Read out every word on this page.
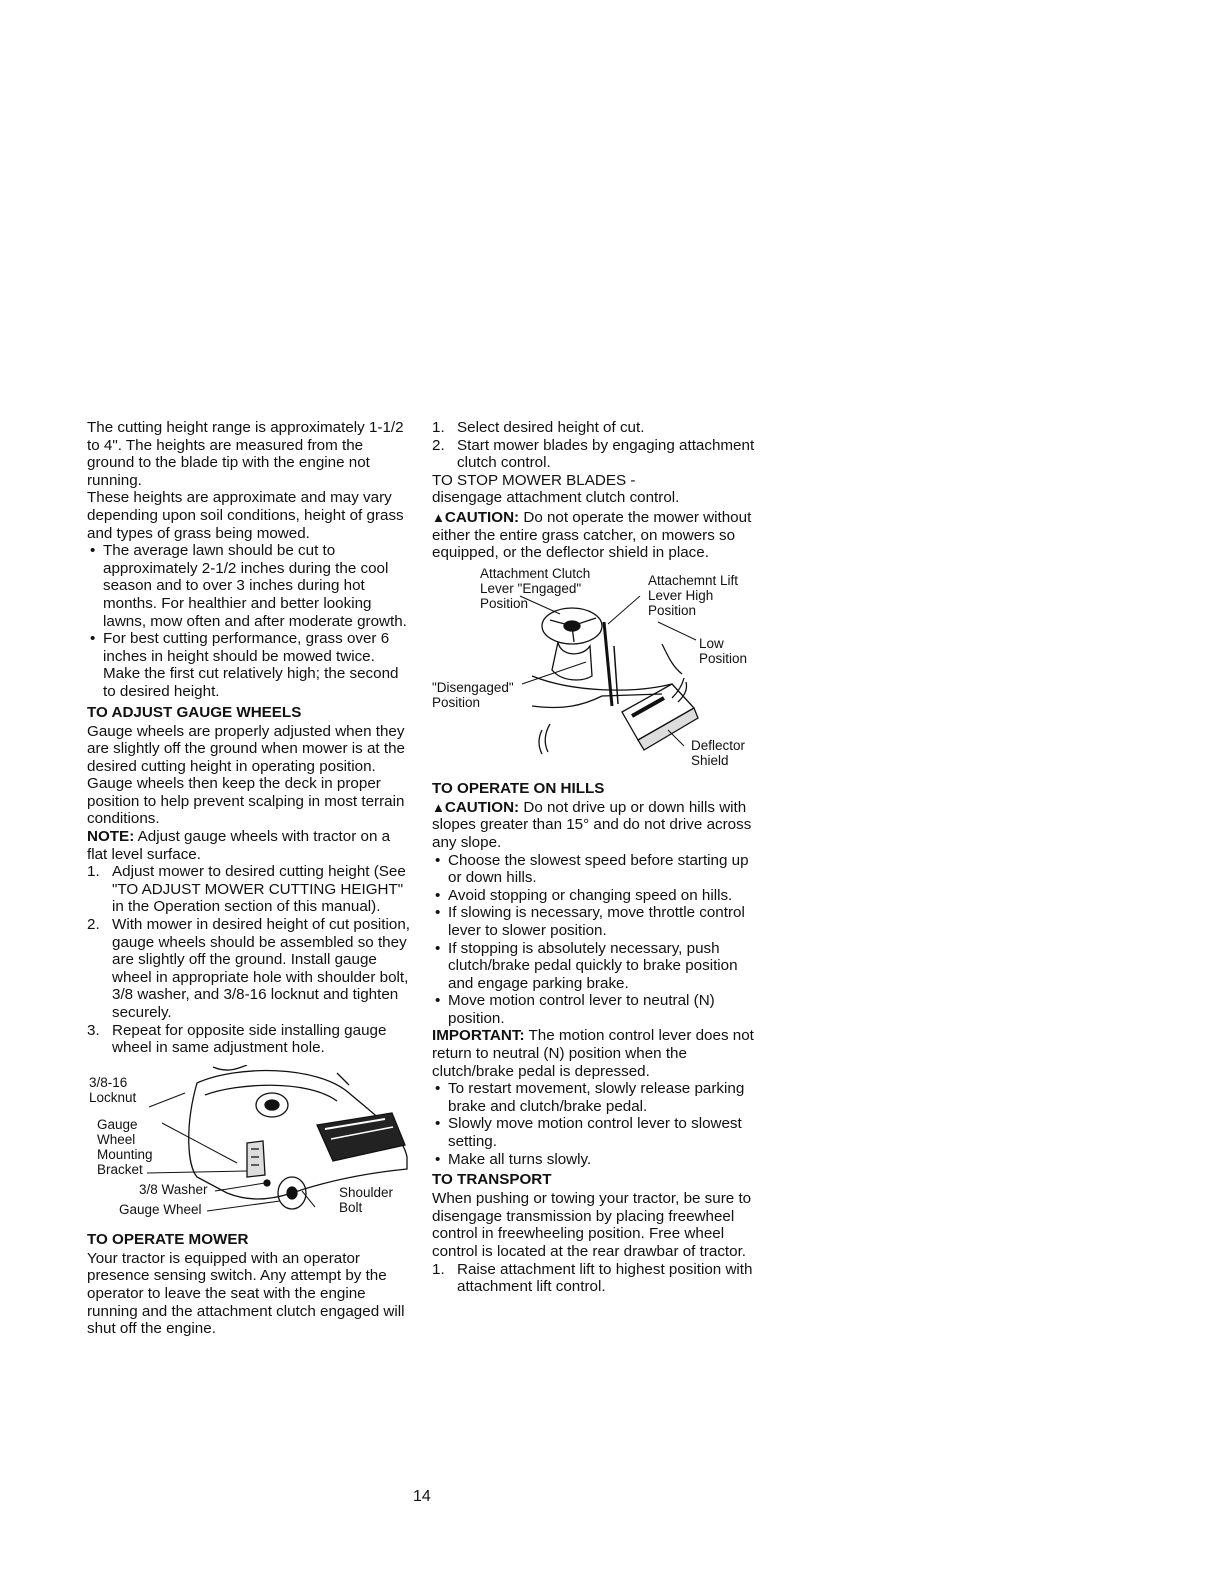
The cutting height range is approximately 1-1/2 to 4". The heights are measured from the ground to the blade tip with the engine not running.

These heights are approximate and may vary depending upon soil conditions, height of grass and types of grass being mowed.

• The average lawn should be cut to approximately 2-1/2 inches during the cool season and to over 3 inches during hot months. For healthier and better looking lawns, mow often and after moderate growth.
• For best cutting performance, grass over 6 inches in height should be mowed twice. Make the first cut relatively high; the second to desired height.
TO ADJUST GAUGE WHEELS

Gauge wheels are properly adjusted when they are slightly off the ground when mower is at the desired cutting height in operating position. Gauge wheels then keep the deck in proper position to help prevent scalping in most terrain conditions.

NOTE: Adjust gauge wheels with tractor on a flat level surface.

1. Adjust mower to desired cutting height (See "TO ADJUST MOWER CUTTING HEIGHT" in the Operation section of this manual).
2. With mower in desired height of cut position, gauge wheels should be assembled so they are slightly off the ground. Install gauge wheel in appropriate hole with shoulder bolt, 3/8 washer, and 3/8-16 locknut and tighten securely.
3. Repeat for opposite side installing gauge wheel in same adjustment hole.
3/8-16
Locknut
Gauge
Wheel
Mounting
Bracket
3/8 Washer
Gauge Wheel
Shoulder
Bolt
TO OPERATE MOWER

Your tractor is equipped with an operator presence sensing switch. Any attempt by the operator to leave the seat with the engine running and the attachment clutch engaged will shut off the engine.

1. Select desired height of cut.
2. Start mower blades by engaging attachment clutch control.

TO STOP MOWER BLADES -

disengage attachment clutch control.

▲CAUTION: Do not operate the mower without either the entire grass catcher, on mowers so equipped, or the deflector shield in place.

Attachment Clutch
Lever "Engaged"
Position
Attachemnt Lift
Lever High
Position
Low
Position
"Disengaged"
Position
Deflector
Shield
TO OPERATE ON HILLS

▲CAUTION: Do not drive up or down hills with slopes greater than 15° and do not drive across any slope.

• Choose the slowest speed before starting up or down hills.
• Avoid stopping or changing speed on hills.
• If slowing is necessary, move throttle control lever to slower position.
• If stopping is absolutely necessary, push clutch/brake pedal quickly to brake position and engage parking brake.
• Move motion control lever to neutral (N) position.

IMPORTANT: The motion control lever does not return to neutral (N) position when the clutch/brake pedal is depressed.

• To restart movement, slowly release parking brake and clutch/brake pedal.
• Slowly move motion control lever to slowest setting.
• Make all turns slowly.
TO TRANSPORT

When pushing or towing your tractor, be sure to disengage transmission by placing freewheel control in freewheeling position. Free wheel control is located at the rear drawbar of tractor.

1. Raise attachment lift to highest position with attachment lift control.
14
